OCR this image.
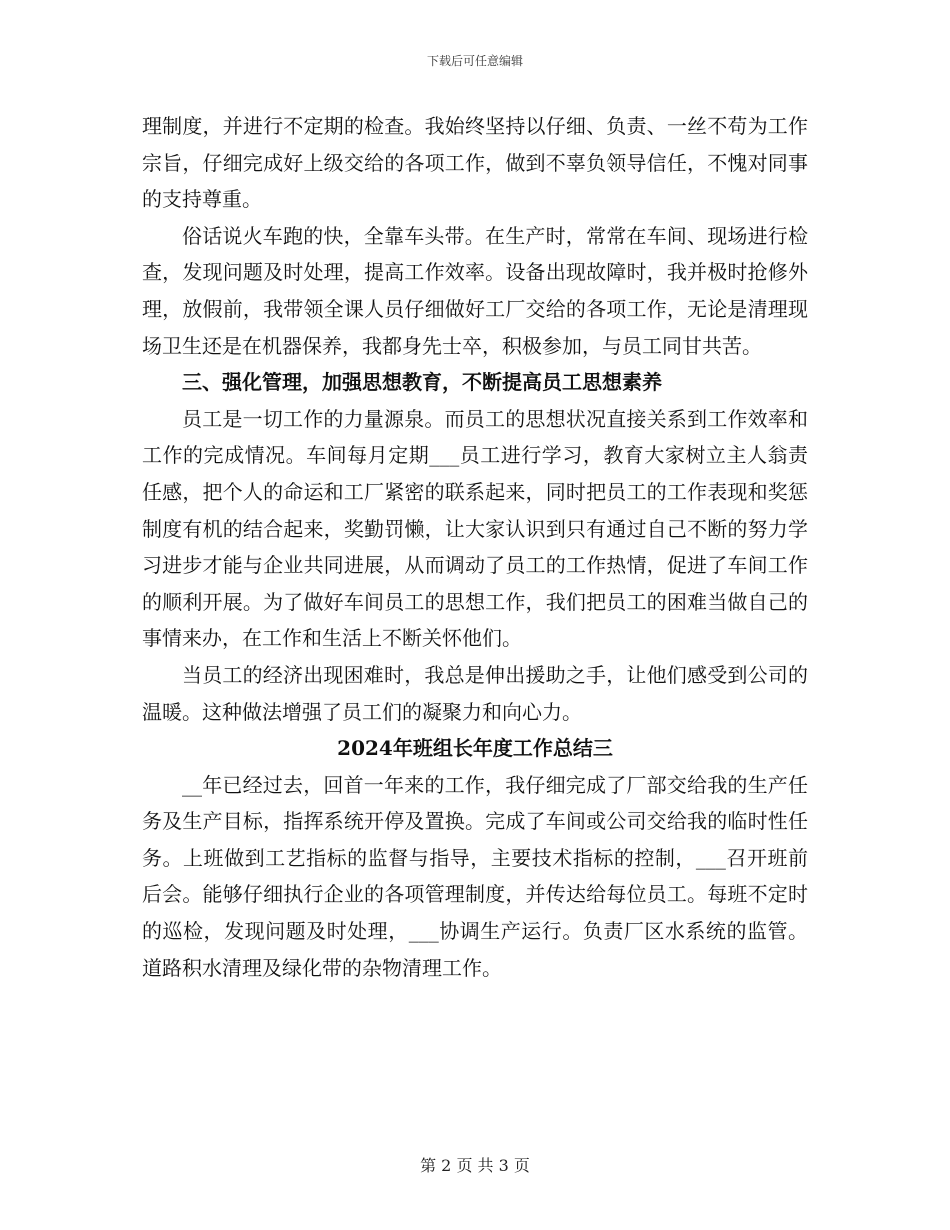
下载后可任意编辑

理制度，并进行不定期的检查。我始终坚持以仔细、负责、一丝不苟为工作宗旨，仔细完成好上级交给的各项工作，做到不辜负领导信任，不愧对同事的支持尊重。

俗话说火车跑的快，全靠车头带。在生产时，常常在车间、现场进行检查，发现问题及时处理，提高工作效率。设备出现故障时，我并极时抢修外理，放假前，我带领全课人员仔细做好工厂交给的各项工作，无论是清理现场卫生还是在机器保养，我都身先士卒，积极参加，与员工同甘共苦。

三、强化管理，加强思想教育，不断提高员工思想素养

员工是一切工作的力量源泉。而员工的思想状况直接关系到工作效率和工作的完成情况。车间每月定期___员工进行学习，教育大家树立主人翁责任感，把个人的命运和工厂紧密的联系起来，同时把员工的工作表现和奖惩制度有机的结合起来，奖勤罚懒，让大家认识到只有通过自己不断的努力学习进步才能与企业共同进展，从而调动了员工的工作热情，促进了车间工作的顺利开展。为了做好车间员工的思想工作，我们把员工的困难当做自己的事情来办，在工作和生活上不断关怀他们。

当员工的经济出现困难时，我总是伸出援助之手，让他们感受到公司的温暖。这种做法增强了员工们的凝聚力和向心力。

2024年班组长年度工作总结三

__年已经过去，回首一年来的工作，我仔细完成了厂部交给我的生产任务及生产目标，指挥系统开停及置换。完成了车间或公司交给我的临时性任务。上班做到工艺指标的监督与指导，主要技术指标的控制，___召开班前后会。能够仔细执行企业的各项管理制度，并传达给每位员工。每班不定时的巡检，发现问题及时处理，___协调生产运行。负责厂区水系统的监管。道路积水清理及绿化带的杂物清理工作。

第 2 页 共 3 页
